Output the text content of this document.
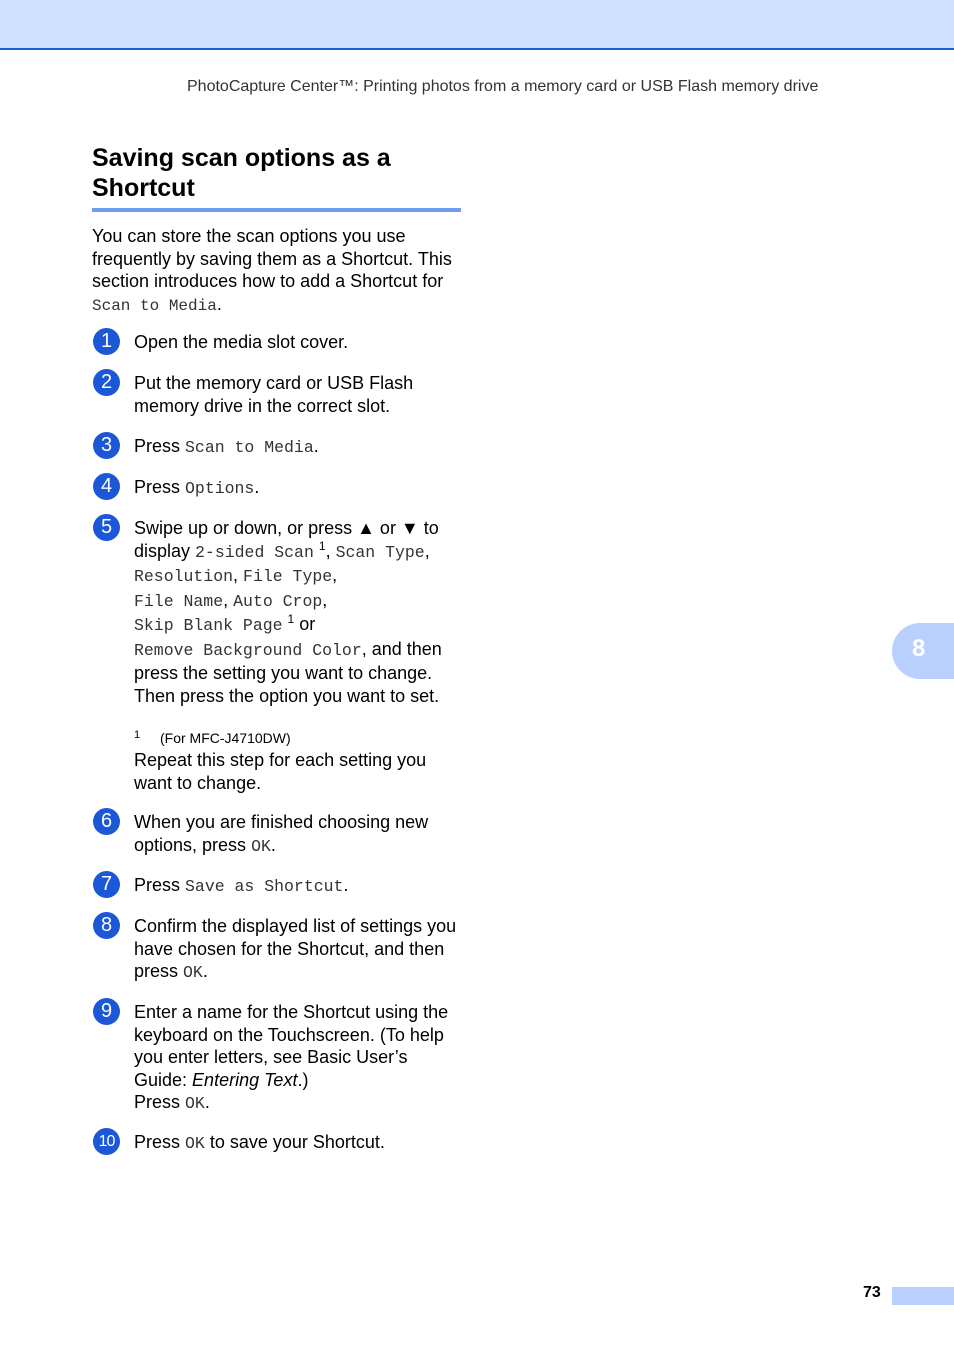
PhotoCapture Center™: Printing photos from a memory card or USB Flash memory drive
Saving scan options as a
Shortcut

You can store the scan options you use frequently by saving them as a Shortcut. This section introduces how to add a Shortcut for Scan to Media.

1	Open the media slot cover.

2	Put the memory card or USB Flash memory drive in the correct slot.

3	Press Scan to Media.

4	Press Options.

5	Swipe up or down, or press ▲ or ▼ to display 2-sided Scan $^1$, Scan Type,
Resolution, File Type,
File Name, Auto Crop,
Skip Blank Page $^1$ or
Remove Background Color, and then press the setting you want to change. Then press the option you want to set.

1 (For MFC-J4710DW)

Repeat this step for each setting you want to change.

6	When you are finished choosing new options, press OK.

7	Press Save as Shortcut.

8	Confirm the displayed list of settings you have chosen for the Shortcut, and then press OK.

9	Enter a name for the Shortcut using the keyboard on the Touchscreen. (To help you enter letters, see Basic User’s Guide: Entering Text.)
Press OK.

10	Press OK to save your Shortcut.

8
73
